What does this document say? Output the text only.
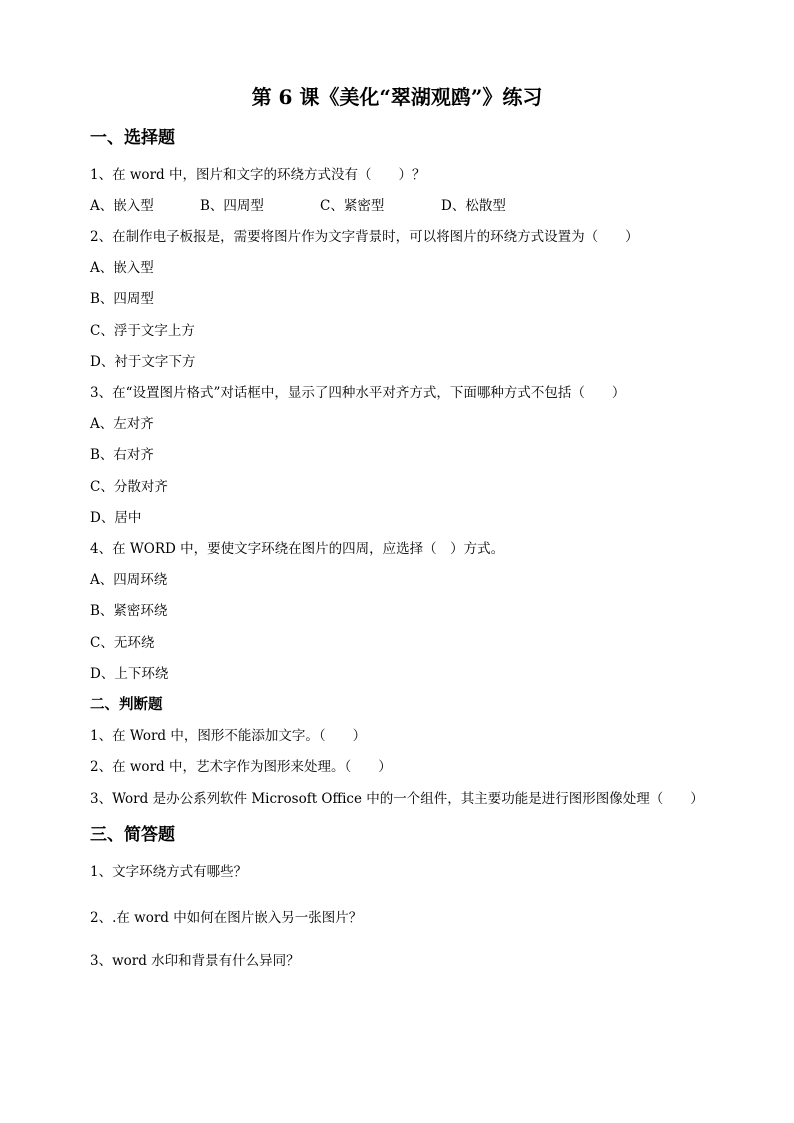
第 6 课《美化“翠湖观鸥”》练习
一、选择题
1、在 word 中，图片和文字的环绕方式没有（　　）？
A、嵌入型	B、四周型	C、紧密型	D、松散型
2、在制作电子板报是，需要将图片作为文字背景时，可以将图片的环绕方式设置为（　　）
A、嵌入型
B、四周型
C、浮于文字上方
D、衬于文字下方
3、在“设置图片格式”对话框中，显示了四种水平对齐方式，下面哪种方式不包括（　　）
A、左对齐
B、右对齐
C、分散对齐
D、居中
4、在 WORD 中，要使文字环绕在图片的四周，应选择（　）方式。
A、四周环绕
B、紧密环绕
C、无环绕
D、上下环绕
二、判断题
1、在 Word 中，图形不能添加文字。（　　）
2、在 word 中，艺术字作为图形来处理。（　　）
3、Word 是办公系列软件 Microsoft Office 中的一个组件，其主要功能是进行图形图像处理（　　）
三、简答题
1、文字环绕方式有哪些？
2、.在 word 中如何在图片嵌入另一张图片？
3、word 水印和背景有什么异同？
